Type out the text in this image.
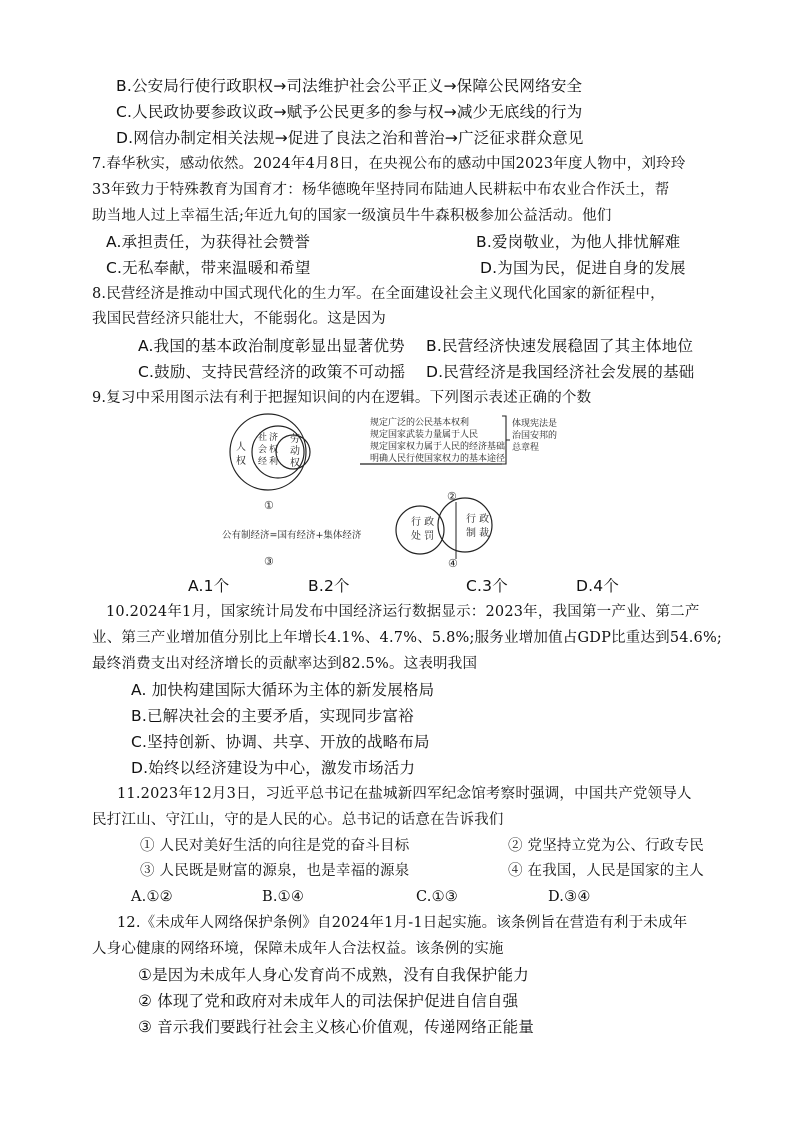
B.公安局行使行政职权→司法维护社会公平正义→保障公民网络安全
C.人民政协要参政议政→赋予公民更多的参与权→减少无底线的行为
D.网信办制定相关法规→促进了良法之治和普治→广泛征求群众意见
7.春华秋实，感动依然。2024年4月8日，在央视公布的感动中国2023年度人物中，刘玲玲
33年致力于特殊教育为国育才：杨华德晚年坚持同布陆迪人民耕耘中布农业合作沃土，帮
助当地人过上幸福生活;年近九旬的国家一级演员牛牛森积极参加公益活动。他们
A.承担责任，为获得社会赞誉	B.爱岗敬业，为他人排忧解难
C.无私奉献，带来温暖和希望	D.为国为民，促进自身的发展
8.民营经济是推动中国式现代化的生力军。在全面建设社会主义现代化国家的新征程中，
我国民营经济只能壮大，不能弱化。这是因为
A.我国的基本政治制度彰显出显著优势 B.民营经济快速发展稳固了其主体地位
C.鼓励、支持民营经济的政策不可动摇 D.民营经济是我国经济社会发展的基础
9.复习中采用图示法有利于把握知识间的内在逻辑。下列图示表述正确的个数
人
权
社
会
经
济
权
利
劳
动
权
①
规定广泛的公民基本权利
规定国家武装力量属于人民
规定国家权力属于人民的经济基础
明确人民行使国家权力的基本途径
体现宪法是
治国安邦的
总章程
②
行 政
处 罚
行 政
制 裁
④
公有制经济=国有经济+集体经济
③
A.1个	B.2个	C.3个	D.4个
10.2024年1月，国家统计局发布中国经济运行数据显示：2023年，我国第一产业、第二产
业、第三产业增加值分别比上年增长4.1%、4.7%、5.8%;服务业增加值占GDP比重达到54.6%;
最终消费支出对经济增长的贡献率达到82.5%。这表明我国
A. 加快构建国际大循环为主体的新发展格局
B.已解决社会的主要矛盾，实现同步富裕
C.坚持创新、协调、共享、开放的战略布局
D.始终以经济建设为中心，激发市场活力
11.2023年12月3日，习近平总书记在盐城新四军纪念馆考察时强调，中国共产党领导人
民打江山、守江山，守的是人民的心。总书记的话意在告诉我们
① 人民对美好生活的向往是党的奋斗目标	② 党坚持立党为公、行政专民
③ 人民既是财富的源泉，也是幸福的源泉	④ 在我国，人民是国家的主人
A.①②	B.①④	C.①③	D.③④
12.《未成年人网络保护条例》自2024年1月-1日起实施。该条例旨在营造有利于未成年
人身心健康的网络环境，保障未成年人合法权益。该条例的实施
①是因为未成年人身心发育尚不成熟，没有自我保护能力
② 体现了党和政府对未成年人的司法保护促进自信自强
③ 音示我们要践行社会主义核心价值观，传递网络正能量
